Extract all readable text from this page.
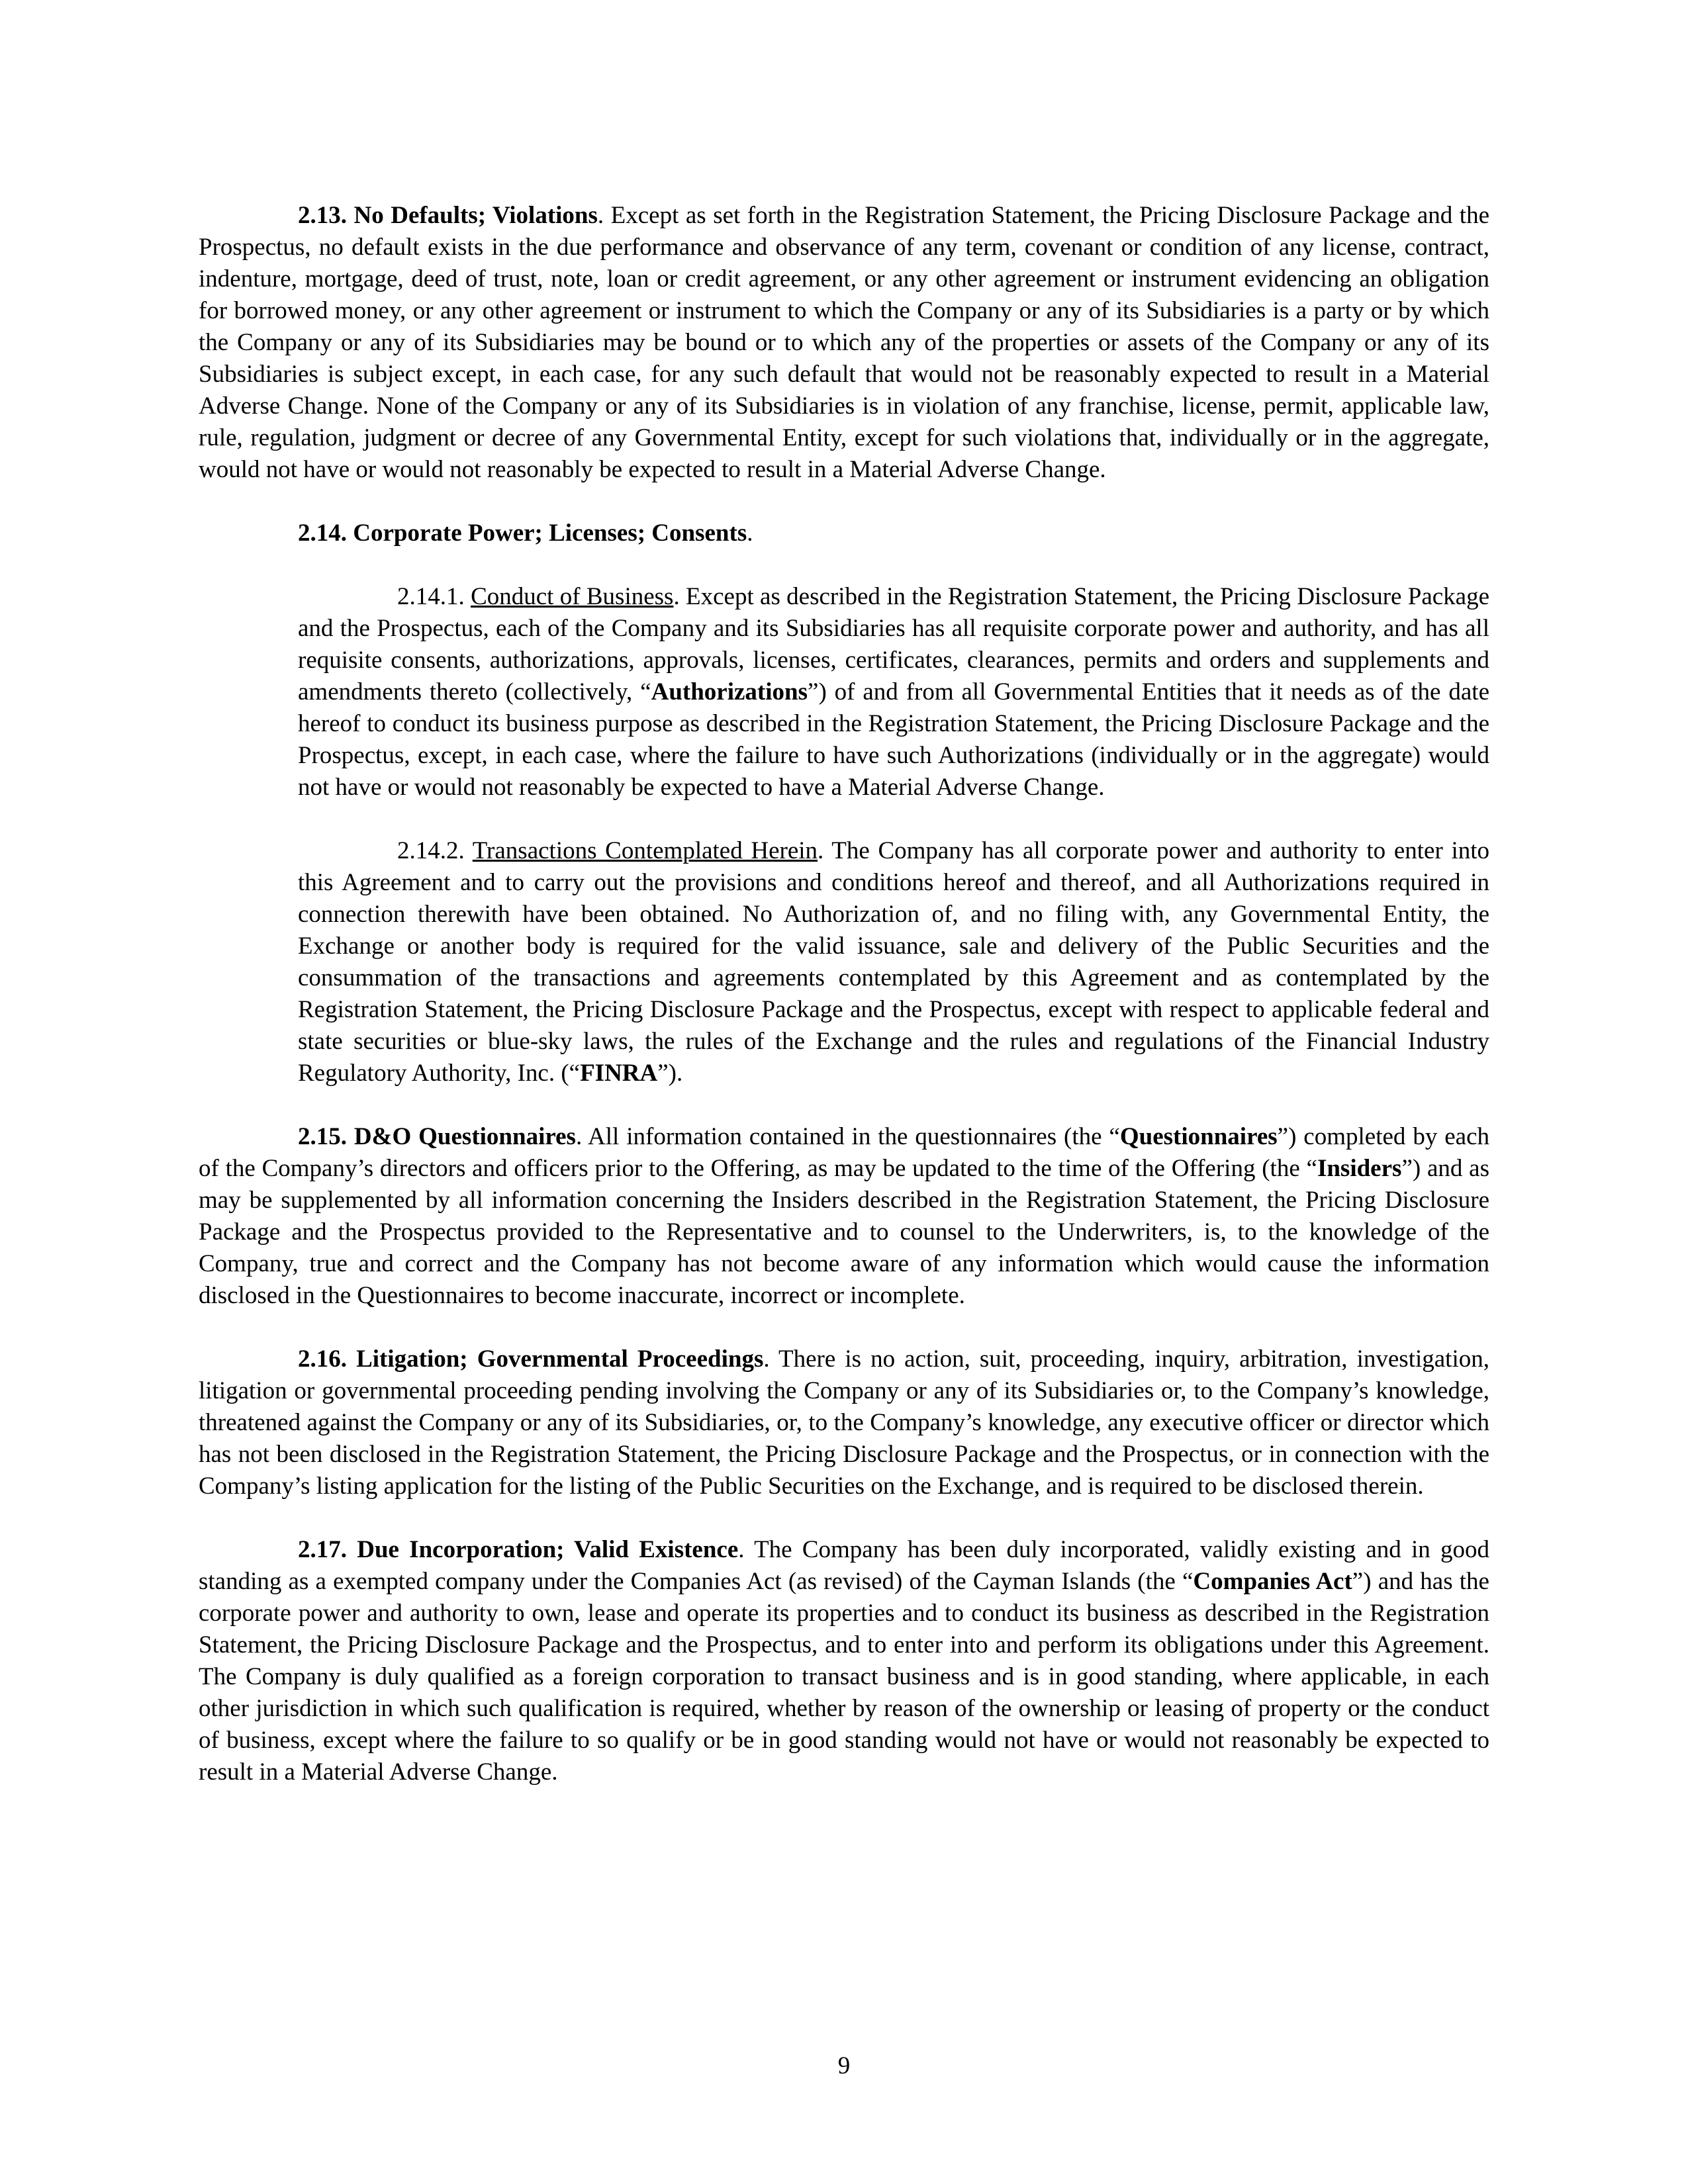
2.13. No Defaults; Violations. Except as set forth in the Registration Statement, the Pricing Disclosure Package and the Prospectus, no default exists in the due performance and observance of any term, covenant or condition of any license, contract, indenture, mortgage, deed of trust, note, loan or credit agreement, or any other agreement or instrument evidencing an obligation for borrowed money, or any other agreement or instrument to which the Company or any of its Subsidiaries is a party or by which the Company or any of its Subsidiaries may be bound or to which any of the properties or assets of the Company or any of its Subsidiaries is subject except, in each case, for any such default that would not be reasonably expected to result in a Material Adverse Change. None of the Company or any of its Subsidiaries is in violation of any franchise, license, permit, applicable law, rule, regulation, judgment or decree of any Governmental Entity, except for such violations that, individually or in the aggregate, would not have or would not reasonably be expected to result in a Material Adverse Change.

2.14. Corporate Power; Licenses; Consents.

2.14.1. Conduct of Business. Except as described in the Registration Statement, the Pricing Disclosure Package and the Prospectus, each of the Company and its Subsidiaries has all requisite corporate power and authority, and has all requisite consents, authorizations, approvals, licenses, certificates, clearances, permits and orders and supplements and amendments thereto (collectively, “Authorizations”) of and from all Governmental Entities that it needs as of the date hereof to conduct its business purpose as described in the Registration Statement, the Pricing Disclosure Package and the Prospectus, except, in each case, where the failure to have such Authorizations (individually or in the aggregate) would not have or would not reasonably be expected to have a Material Adverse Change.

2.14.2. Transactions Contemplated Herein. The Company has all corporate power and authority to enter into this Agreement and to carry out the provisions and conditions hereof and thereof, and all Authorizations required in connection therewith have been obtained. No Authorization of, and no filing with, any Governmental Entity, the Exchange or another body is required for the valid issuance, sale and delivery of the Public Securities and the consummation of the transactions and agreements contemplated by this Agreement and as contemplated by the Registration Statement, the Pricing Disclosure Package and the Prospectus, except with respect to applicable federal and state securities or blue-sky laws, the rules of the Exchange and the rules and regulations of the Financial Industry Regulatory Authority, Inc. (“FINRA”).

2.15. D&O Questionnaires. All information contained in the questionnaires (the “Questionnaires”) completed by each of the Company’s directors and officers prior to the Offering, as may be updated to the time of the Offering (the “Insiders”) and as may be supplemented by all information concerning the Insiders described in the Registration Statement, the Pricing Disclosure Package and the Prospectus provided to the Representative and to counsel to the Underwriters, is, to the knowledge of the Company, true and correct and the Company has not become aware of any information which would cause the information disclosed in the Questionnaires to become inaccurate, incorrect or incomplete.

2.16. Litigation; Governmental Proceedings. There is no action, suit, proceeding, inquiry, arbitration, investigation, litigation or governmental proceeding pending involving the Company or any of its Subsidiaries or, to the Company’s knowledge, threatened against the Company or any of its Subsidiaries, or, to the Company’s knowledge, any executive officer or director which has not been disclosed in the Registration Statement, the Pricing Disclosure Package and the Prospectus, or in connection with the Company’s listing application for the listing of the Public Securities on the Exchange, and is required to be disclosed therein.

2.17. Due Incorporation; Valid Existence. The Company has been duly incorporated, validly existing and in good standing as a exempted company under the Companies Act (as revised) of the Cayman Islands (the “Companies Act”) and has the corporate power and authority to own, lease and operate its properties and to conduct its business as described in the Registration Statement, the Pricing Disclosure Package and the Prospectus, and to enter into and perform its obligations under this Agreement. The Company is duly qualified as a foreign corporation to transact business and is in good standing, where applicable, in each other jurisdiction in which such qualification is required, whether by reason of the ownership or leasing of property or the conduct of business, except where the failure to so qualify or be in good standing would not have or would not reasonably be expected to result in a Material Adverse Change.

9
